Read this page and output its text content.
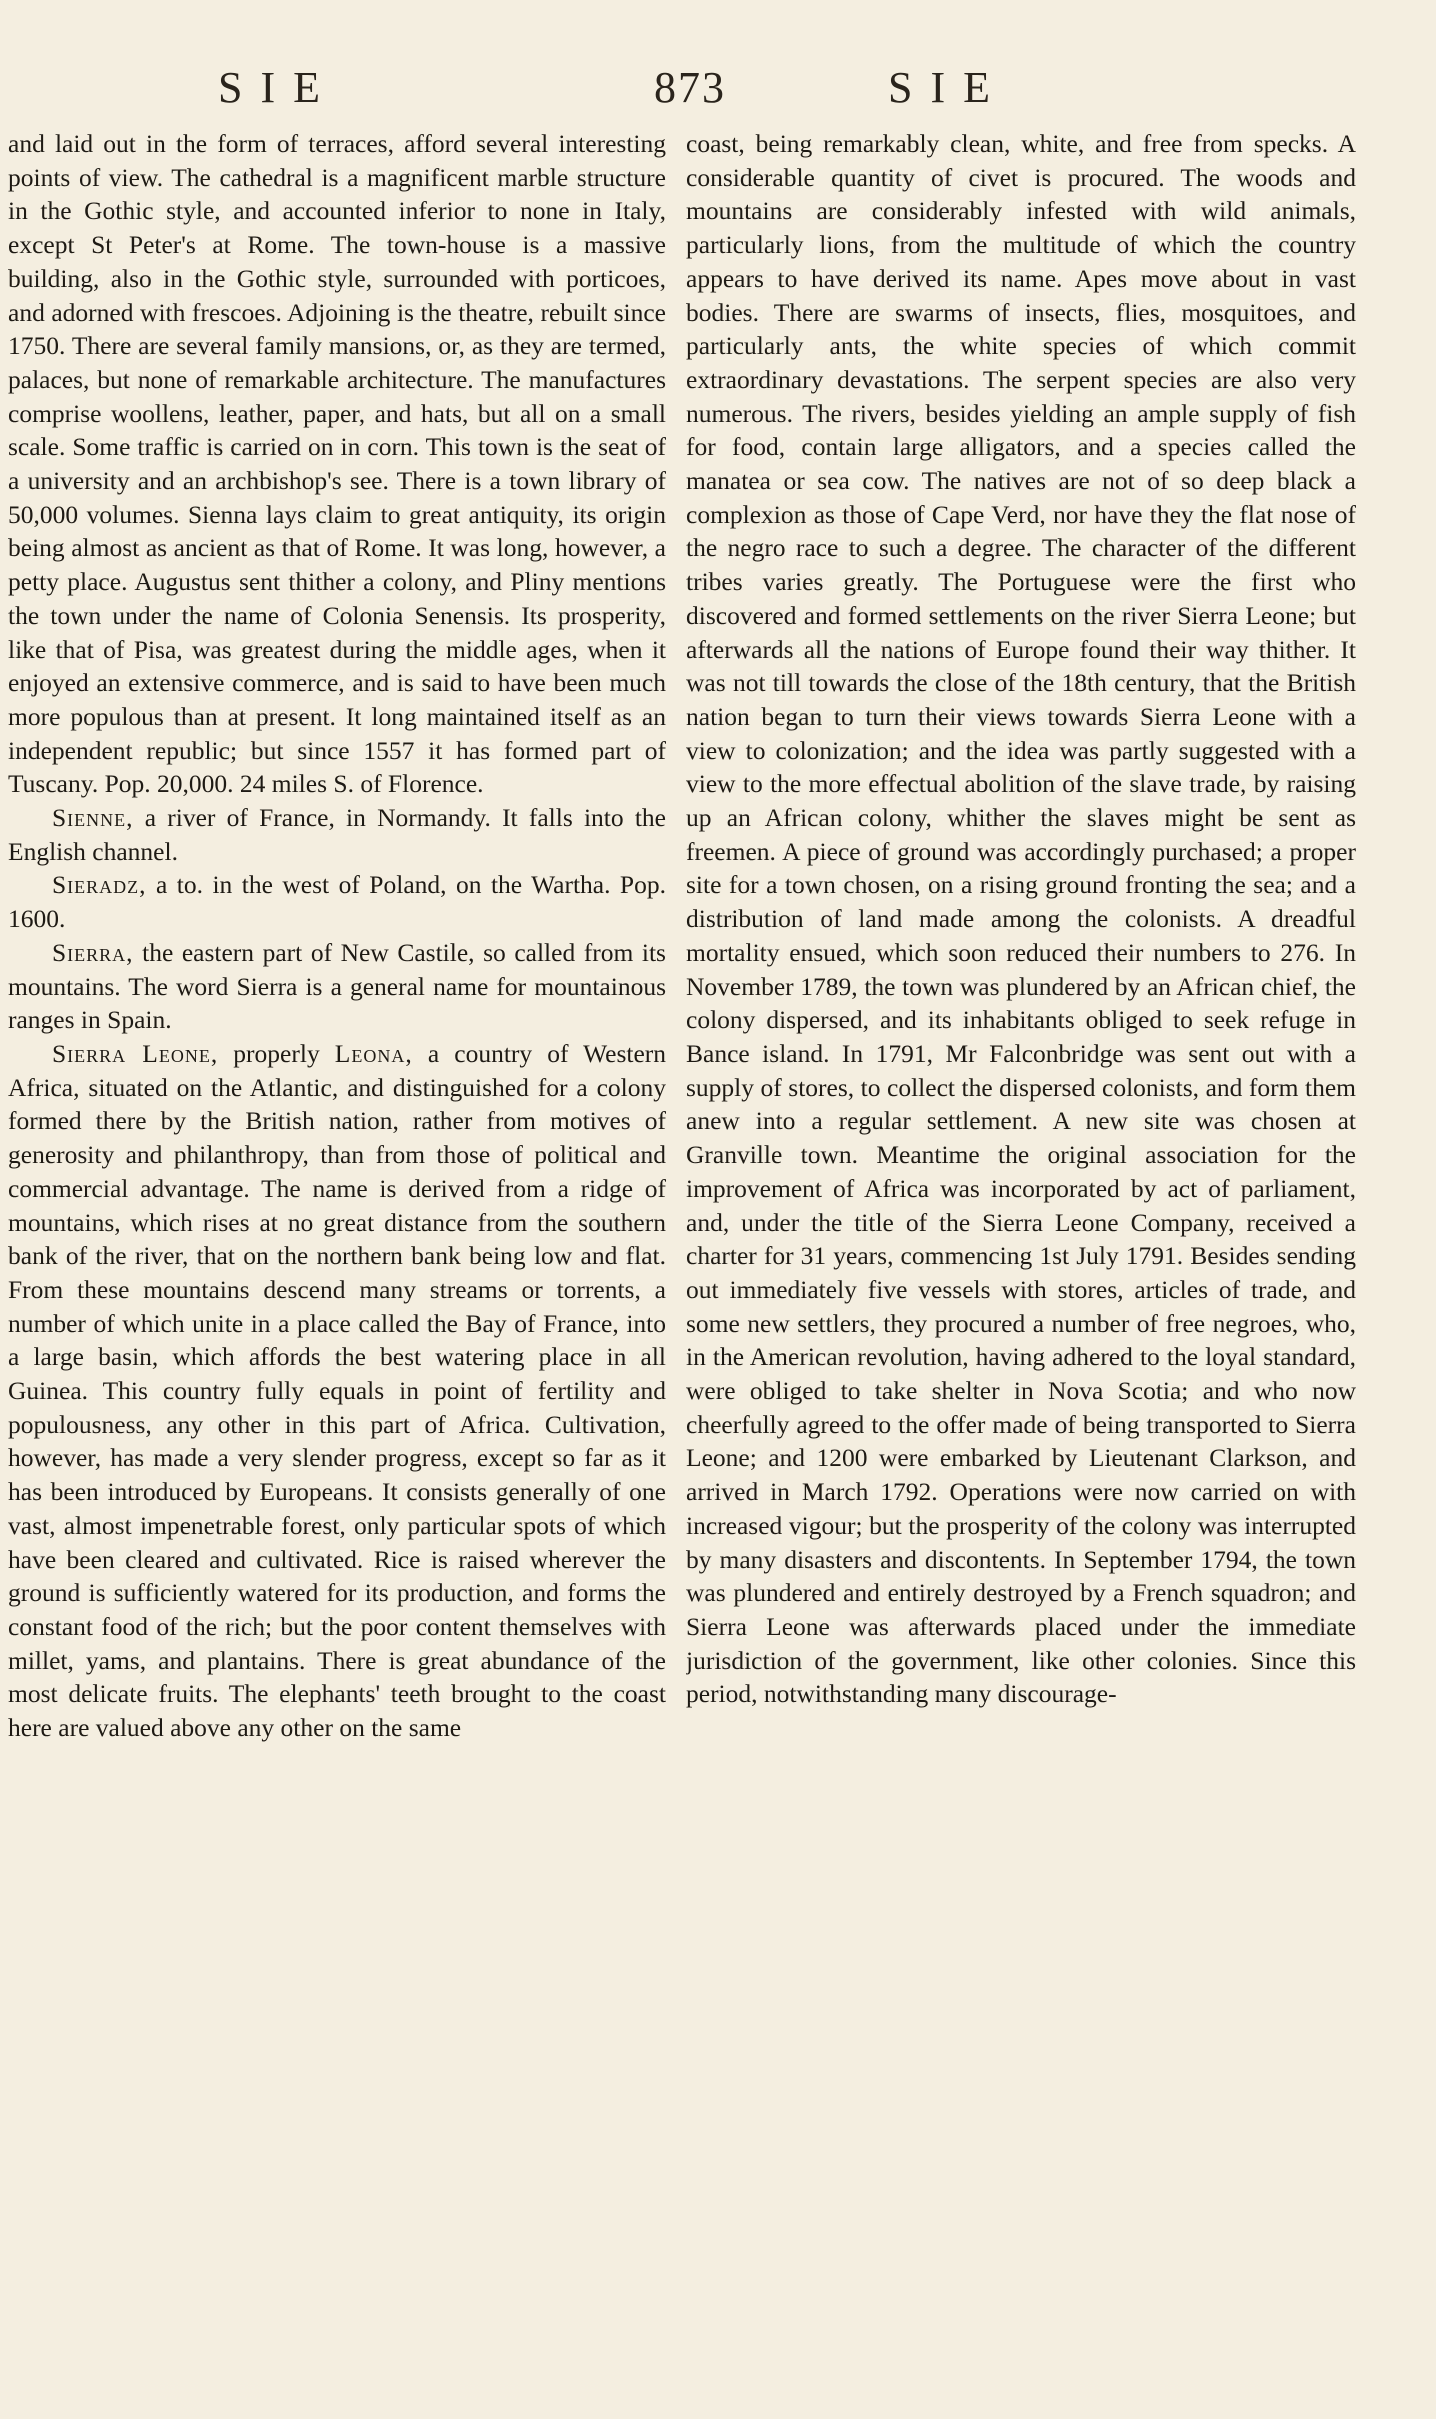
SIE	873	SIE

and laid out in the form of terraces, afford several interesting points of view. The cathedral is a magnificent marble structure in the Gothic style, and accounted inferior to none in Italy, except St Peter's at Rome. The town-house is a massive building, also in the Gothic style, surrounded with porticoes, and adorned with frescoes. Adjoining is the theatre, rebuilt since 1750. There are several family mansions, or, as they are termed, palaces, but none of remarkable architecture. The manufactures comprise woollens, leather, paper, and hats, but all on a small scale. Some traffic is carried on in corn. This town is the seat of a university and an archbishop's see. There is a town library of 50,000 volumes. Sienna lays claim to great antiquity, its origin being almost as ancient as that of Rome. It was long, however, a petty place. Augustus sent thither a colony, and Pliny mentions the town under the name of Colonia Senensis. Its prosperity, like that of Pisa, was greatest during the middle ages, when it enjoyed an extensive commerce, and is said to have been much more populous than at present. It long maintained itself as an independent republic; but since 1557 it has formed part of Tuscany. Pop. 20,000. 24 miles S. of Florence.

Sienne, a river of France, in Normandy. It falls into the English channel.

Sieradz, a to. in the west of Poland, on the Wartha. Pop. 1600.

Sierra, the eastern part of New Castile, so called from its mountains. The word Sierra is a general name for mountainous ranges in Spain.

Sierra Leone, properly Leona, a country of Western Africa, situated on the Atlantic, and distinguished for a colony formed there by the British nation, rather from motives of generosity and philanthropy, than from those of political and commercial advantage. The name is derived from a ridge of mountains, which rises at no great distance from the southern bank of the river, that on the northern bank being low and flat. From these mountains descend many streams or torrents, a number of which unite in a place called the Bay of France, into a large basin, which affords the best watering place in all Guinea. This country fully equals in point of fertility and populousness, any other in this part of Africa. Cultivation, however, has made a very slender progress, except so far as it has been introduced by Europeans. It consists generally of one vast, almost impenetrable forest, only particular spots of which have been cleared and cultivated. Rice is raised wherever the ground is sufficiently watered for its production, and forms the constant food of the rich; but the poor content themselves with millet, yams, and plantains. There is great abundance of the most delicate fruits. The elephants' teeth brought to the coast here are valued above any other on the same

coast, being remarkably clean, white, and free from specks. A considerable quantity of civet is procured. The woods and mountains are considerably infested with wild animals, particularly lions, from the multitude of which the country appears to have derived its name. Apes move about in vast bodies. There are swarms of insects, flies, mosquitoes, and particularly ants, the white species of which commit extraordinary devastations. The serpent species are also very numerous. The rivers, besides yielding an ample supply of fish for food, contain large alligators, and a species called the manatea or sea cow. The natives are not of so deep black a complexion as those of Cape Verd, nor have they the flat nose of the negro race to such a degree. The character of the different tribes varies greatly. The Portuguese were the first who discovered and formed settlements on the river Sierra Leone; but afterwards all the nations of Europe found their way thither. It was not till towards the close of the 18th century, that the British nation began to turn their views towards Sierra Leone with a view to colonization; and the idea was partly suggested with a view to the more effectual abolition of the slave trade, by raising up an African colony, whither the slaves might be sent as freemen. A piece of ground was accordingly purchased; a proper site for a town chosen, on a rising ground fronting the sea; and a distribution of land made among the colonists. A dreadful mortality ensued, which soon reduced their numbers to 276. In November 1789, the town was plundered by an African chief, the colony dispersed, and its inhabitants obliged to seek refuge in Bance island. In 1791, Mr Falconbridge was sent out with a supply of stores, to collect the dispersed colonists, and form them anew into a regular settlement. A new site was chosen at Granville town. Meantime the original association for the improvement of Africa was incorporated by act of parliament, and, under the title of the Sierra Leone Company, received a charter for 31 years, commencing 1st July 1791. Besides sending out immediately five vessels with stores, articles of trade, and some new settlers, they procured a number of free negroes, who, in the American revolution, having adhered to the loyal standard, were obliged to take shelter in Nova Scotia; and who now cheerfully agreed to the offer made of being transported to Sierra Leone; and 1200 were embarked by Lieutenant Clarkson, and arrived in March 1792. Operations were now carried on with increased vigour; but the prosperity of the colony was interrupted by many disasters and discontents. In September 1794, the town was plundered and entirely destroyed by a French squadron; and Sierra Leone was afterwards placed under the immediate jurisdiction of the government, like other colonies. Since this period, notwithstanding many discourage-
